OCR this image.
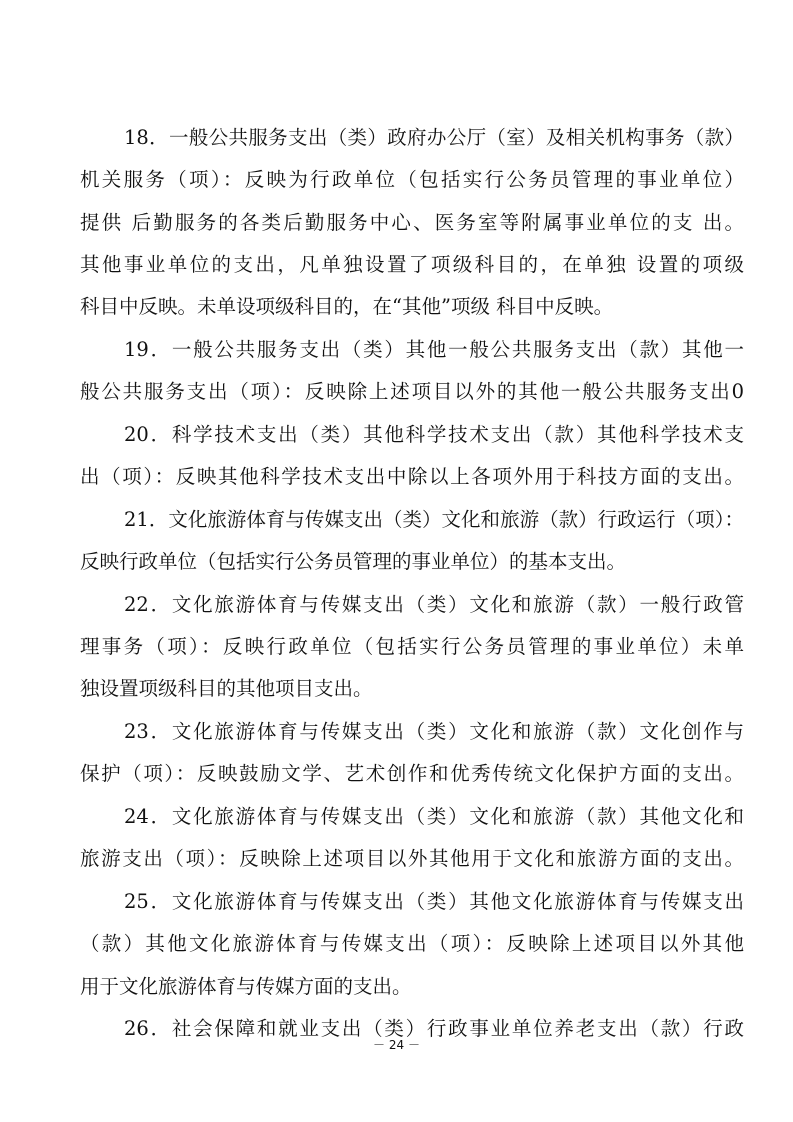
18．一般公共服务支出（类）政府办公厅（室）及相关机构事务（款）

机关服务（项）：反映为行政单位（包括实行公务员管理的事业单位）

提供 后勤服务的各类后勤服务中心、医务室等附属事业单位的支 出。

其他事业单位的支出，凡单独设置了项级科目的，在单独 设置的项级

科目中反映。未单设项级科目的，在“其他”项级 科目中反映。

19．一般公共服务支出（类）其他一般公共服务支出（款）其他一

般公共服务支出（项）：反映除上述项目以外的其他一般公共服务支出0

20．科学技术支出（类）其他科学技术支出（款）其他科学技术支

出（项）：反映其他科学技术支出中除以上各项外用于科技方面的支出。

21．文化旅游体育与传媒支出（类）文化和旅游（款）行政运行（项）：

反映行政单位（包括实行公务员管理的事业单位）的基本支出。

22．文化旅游体育与传媒支出（类）文化和旅游（款）一般行政管

理事务（项）：反映行政单位（包括实行公务员管理的事业单位）未单

独设置项级科目的其他项目支出。

23．文化旅游体育与传媒支出（类）文化和旅游（款）文化创作与

保护（项）：反映鼓励文学、艺术创作和优秀传统文化保护方面的支出。

24．文化旅游体育与传媒支出（类）文化和旅游（款）其他文化和

旅游支出（项）：反映除上述项目以外其他用于文化和旅游方面的支出。

25．文化旅游体育与传媒支出（类）其他文化旅游体育与传媒支出

（款）其他文化旅游体育与传媒支出（项）：反映除上述项目以外其他

用于文化旅游体育与传媒方面的支出。

26．社会保障和就业支出（类）行政事业单位养老支出（款）行政

－ 24 －
